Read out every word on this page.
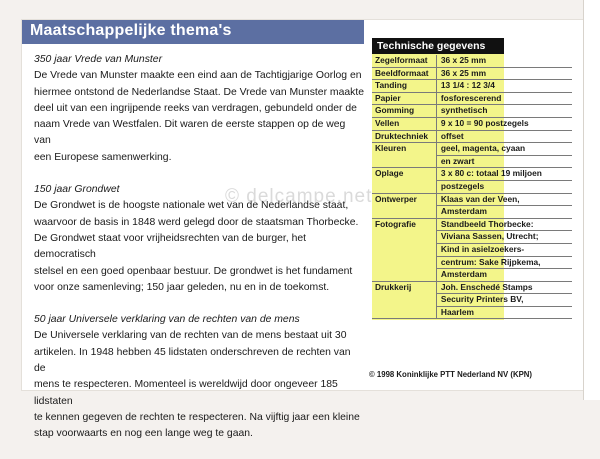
Maatschappelijke thema's
350 jaar Vrede van Munster

De Vrede van Munster maakte een eind aan de Tachtigjarige Oorlog en
hiermee ontstond de Nederlandse Staat. De Vrede van Munster maakte
deel uit van een ingrijpende reeks van verdragen, gebundeld onder de
naam Vrede van Westfalen. Dit waren de eerste stappen op de weg van
een Europese samenwerking.

150 jaar Grondwet

De Grondwet is de hoogste nationale wet van de Nederlandse staat,
waarvoor de basis in 1848 werd gelegd door de staatsman Thorbecke.
De Grondwet staat voor vrijheidsrechten van de burger, het democratisch
stelsel en een goed openbaar bestuur. De grondwet is het fundament
voor onze samenleving; 150 jaar geleden, nu en in de toekomst.

50 jaar Universele verklaring van de rechten van de mens

De Universele verklaring van de rechten van de mens bestaat uit 30
artikelen. In 1948 hebben 45 lidstaten onderschreven de rechten van de
mens te respecteren. Momenteel is wereldwijd door ongeveer 185 lidstaten
te kennen gegeven de rechten te respecteren. Na vijftig jaar een kleine
stap voorwaarts en nog een lange weg te gaan.

Technische gegevens
Zegelformaat	36 x 25 mm
Beeldformaat	36 x 25 mm
Tanding	13 1/4 : 12 3/4
Papier	fosforescerend
Gomming	synthetisch
Vellen	9 x 10 = 90 postzegels
Druktechniek	offset
Kleuren	geel, magenta, cyaan
	en zwart
Oplage	3 x 80 c: totaal 19 miljoen
	postzegels
Ontwerper	Klaas van der Veen,
	Amsterdam
Fotografie	Standbeeld Thorbecke:
	Viviana Sassen, Utrecht;
	Kind in asielzoekers-
	centrum: Sake Rijpkema,
	Amsterdam
Drukkerij	Joh. Enschedé Stamps
	Security Printers BV,
	Haarlem
© 1998 Koninklijke PTT Nederland NV (KPN)
© delcampe.net
